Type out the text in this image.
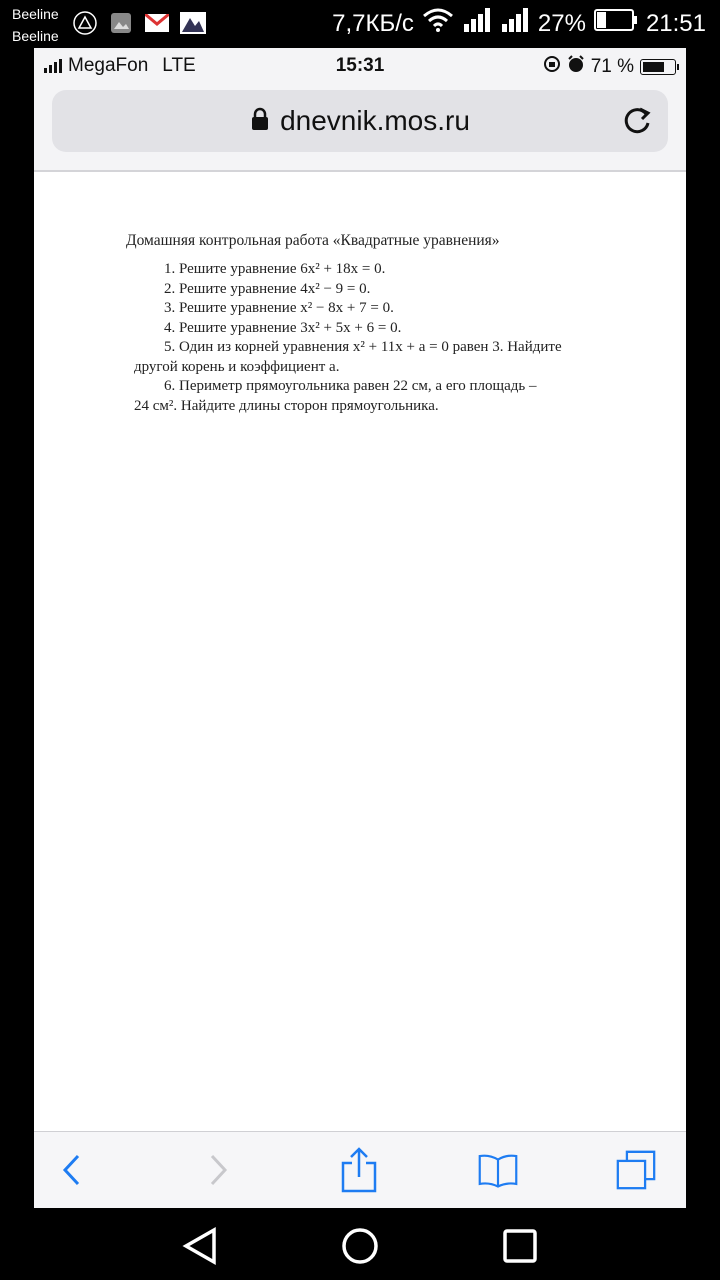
Beeline
Beeline	7,7КБ/с	27%	21:51
MegaFon LTE	15:31	71 %
dnevnik.mos.ru
Домашняя контрольная работа «Квадратные уравнения»
1. Решите уравнение 6x² + 18x = 0.
2. Решите уравнение 4x² − 9 = 0.
3. Решите уравнение x² − 8x + 7 = 0.
4. Решите уравнение 3x² + 5x + 6 = 0.
5. Один из корней уравнения x² + 11x + a = 0 равен 3. Найдите
другой корень и коэффициент a.
6. Периметр прямоугольника равен 22 см, а его площадь –
24 см². Найдите длины сторон прямоугольника.
